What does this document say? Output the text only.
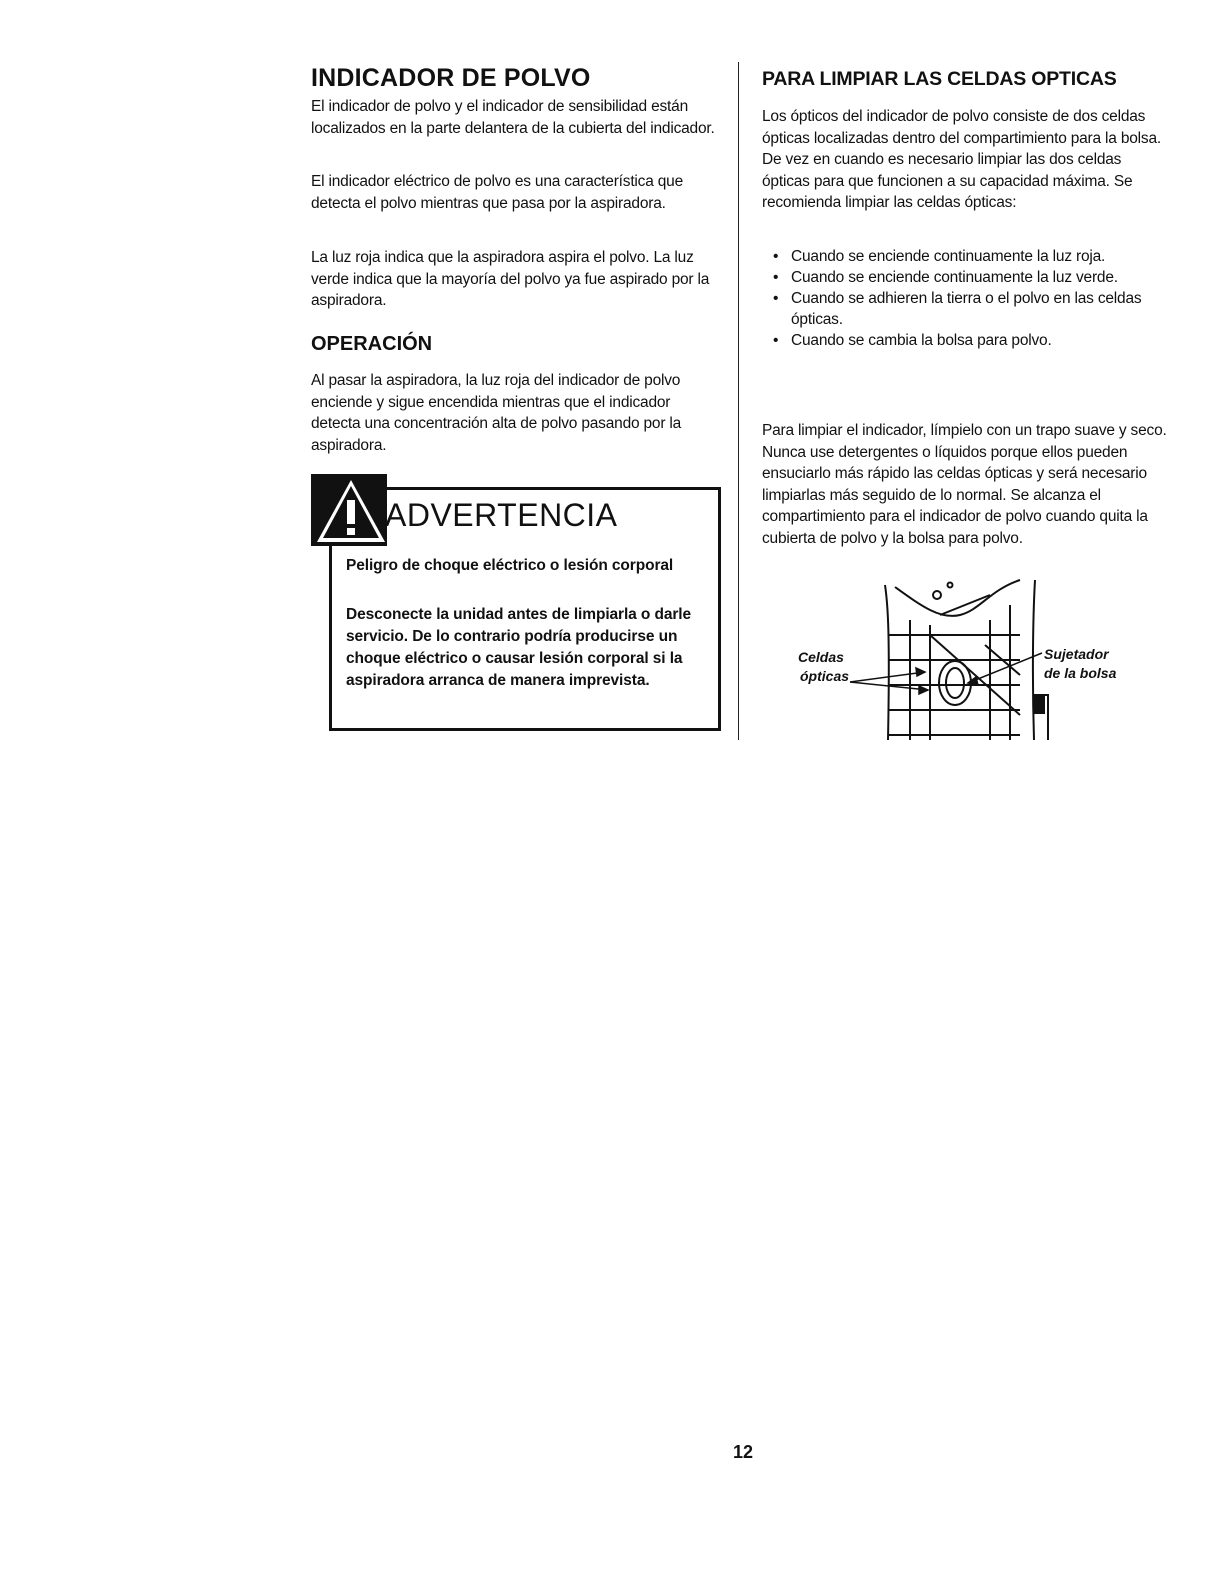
INDICADOR DE POLVO

El indicador de polvo y el indicador de sensibilidad están localizados en la parte delantera de la cubierta del indicador.

El indicador eléctrico de polvo es una característica que detecta el polvo mientras que pasa por la aspiradora.

La luz roja indica que la aspiradora aspira el polvo. La luz verde indica que la mayoría del polvo ya fue aspirado por la aspiradora.

OPERACIÓN

Al pasar la aspiradora, la luz roja del indicador de polvo enciende y sigue encendida mientras que el indicador detecta una concentración alta de polvo pasando por la aspiradora.

ADVERTENCIA

Peligro de choque eléctrico o lesión corporal

Desconecte la unidad antes de limpiarla o darle servicio. De lo contrario podría producirse un choque eléctrico o causar lesión corporal si la aspiradora arranca de manera imprevista.

PARA LIMPIAR LAS CELDAS OPTICAS

Los ópticos del indicador de polvo consiste de dos celdas ópticas localizadas dentro del compartimiento para la bolsa. De vez en cuando es necesario limpiar las dos celdas ópticas para que funcionen a su capacidad máxima. Se recomienda limpiar las celdas ópticas:

• Cuando se enciende continuamente la luz roja.
• Cuando se enciende continuamente la luz verde.
• Cuando se adhieren la tierra o el polvo en las celdas ópticas.
• Cuando se cambia la bolsa para polvo.

Para limpiar el indicador, límpielo con un trapo suave y seco. Nunca use detergentes o líquidos porque ellos pueden ensuciarlo más rápido las celdas ópticas y será necesario limpiarlas más seguido de lo normal. Se alcanza el compartimiento para el indicador de polvo cuando quita la cubierta de polvo y la bolsa para polvo.

Celdas
ópticas
Sujetador
de la bolsa
12
